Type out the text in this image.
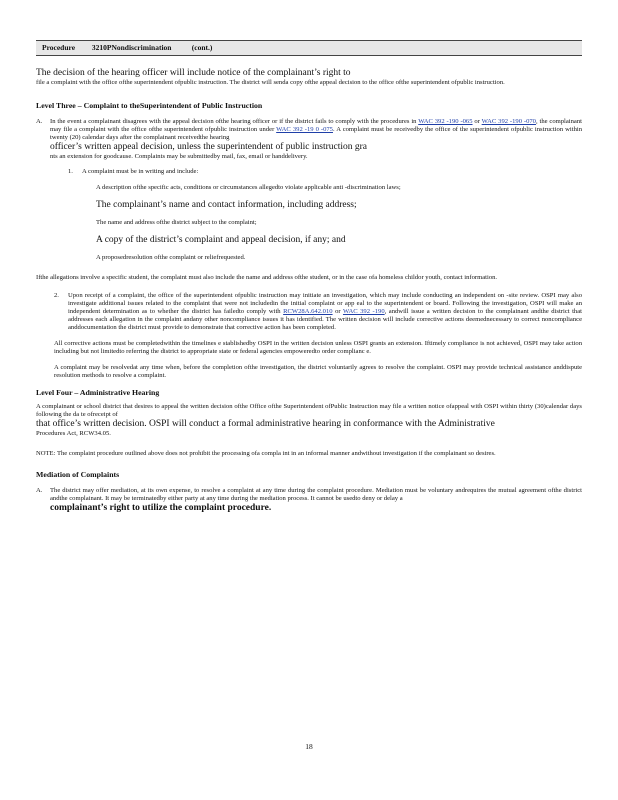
Procedure 3210PNondiscrimination	(cont.)
The decision of the hearing officer will include notice of the complainant’s right to
file a complaint with the office ofthe superintendent ofpublic instruction. The district will senda copy ofthe appeal decision to the office ofthe superintendent ofpublic instruction.
Level Three – Complaint to theSuperintendent of Public Instruction
A. In the event a complainant disagrees with the appeal decision ofthe hearing officer or if the district fails to comply with the procedures in WAC 392 -190 -065 or WAC 392 -190 -070, the complainant may file a complaint with the office ofthe superintendent ofpublic instruction under WAC 392 -19 0 -075. A complaint must be receivedby the office of the superintendent ofpublic instruction within twenty (20) calendar days after the complainant receivedthe hearing
officer’s written appeal decision, unless the superintendent of public instruction gra
nts an extension for goodcause. Complaints may be submittedby mail, fax, email or handdelivery.
1. A complaint must be in writing and include:
A description ofthe specific acts, conditions or circumstances allegedto violate applicable anti -discrimination laws;
The complainant’s name and contact information, including address;
The name and address ofthe district subject to the complaint;
A copy of the district’s complaint and appeal decision, if any; and
A proposedresolution ofthe complaint or reliefrequested.
Ifthe allegations involve a specific student, the complaint must also include the name and address ofthe student, or in the case ofa homeless childor youth, contact information.
2. Upon receipt of a complaint, the office of the superintendent ofpublic instruction may initiate an investigation, which may include conducting an independent on -site review. OSPI may also investigate additional issues related to the complaint that were not includedin the initial complaint or app eal to the superintendent or board. Following the investigation, OSPI will make an independent determination as to whether the district has failedto comply with RCW28A.642.010 or WAC 392 -190, andwill issue a written decision to the complainant andthe district that addresses each allegation in the complaint andany other noncompliance issues it has identified. The written decision will include corrective actions deemednecessary to correct noncompliance anddocumentation the district must provide to demonstrate that corrective action has been completed.
All corrective actions must be completedwithin the timelines e stablishedby OSPI in the written decision unless OSPI grants an extension. Iftimely compliance is not achieved, OSPI may take action including but not limitedto referring the district to appropriate state or federal agencies empoweredto order complianc e.
A complaint may be resolvedat any time when, before the completion ofthe investigation, the district voluntarily agrees to resolve the complaint. OSPI may provide technical assistance anddispute resolution methods to resolve a complaint.
Level Four – Administrative Hearing
A complainant or school district that desires to appeal the written decision ofthe Office ofthe Superintendent ofPublic Instruction may file a written notice ofappeal with OSPI within thirty (30)calendar days following the da te ofreceipt of
that office’s written decision. OSPI will conduct a formal administrative hearing in conformance with the Administrative
Procedures Act, RCW34.05.
NOTE: The complaint procedure outlined above does not prohibit the processing ofa compla int in an informal manner andwithout investigation if the complainant so desires.
Mediation of Complaints
A. The district may offer mediation, at its own expense, to resolve a complaint at any time during the complaint procedure. Mediation must be voluntary andrequires the mutual agreement ofthe district andthe complainant. It may be terminatedby either party at any time during the mediation process. It cannot be usedto deny or delay a
complainant’s right to utilize the complaint procedure.
18
